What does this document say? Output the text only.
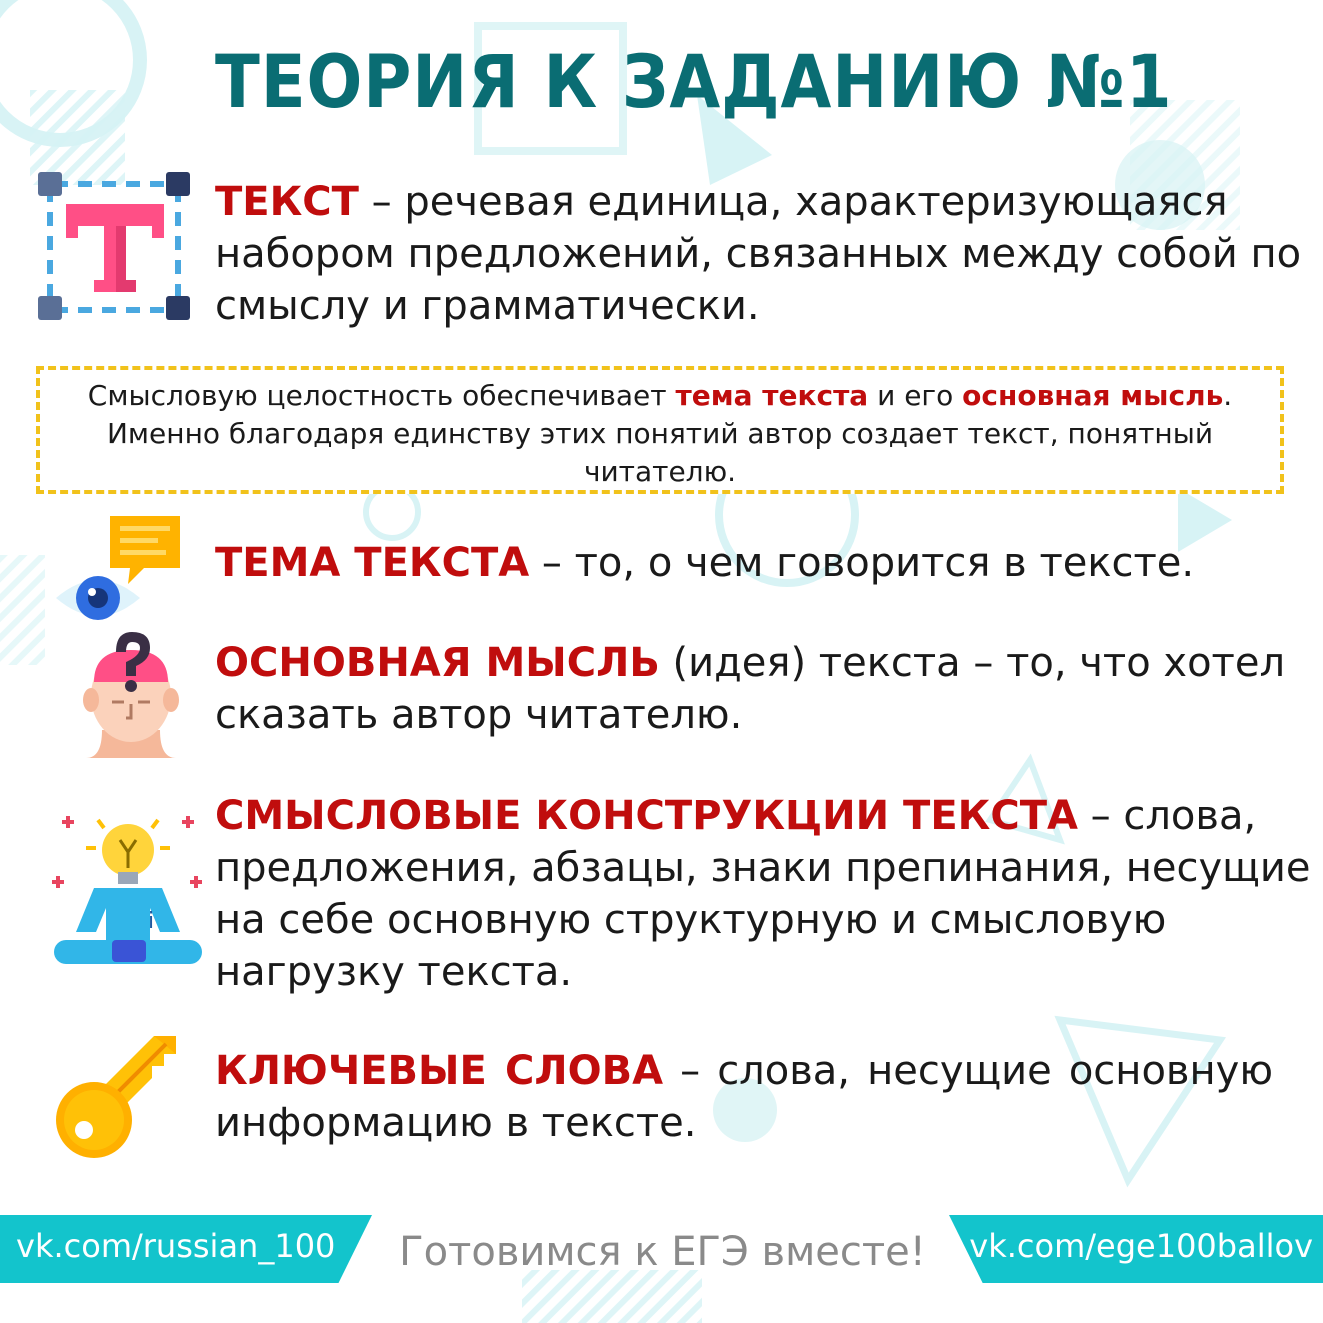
ТЕОРИЯ К ЗАДАНИЮ №1
ТЕКСТ – речевая единица, характеризующаяся набором предложений, связанных между собой по смыслу и грамматически.
Смысловую целостность обеспечивает тема текста и его основная мысль. Именно благодаря единству этих понятий автор создает текст, понятный читателю.
ТЕМА ТЕКСТА – то, о чем говорится в тексте.
ОСНОВНАЯ МЫСЛЬ (идея) текста – то, что хотел сказать автор читателю.
i
СМЫСЛОВЫЕ КОНСТРУКЦИИ ТЕКСТА – слова, предложения, абзацы, знаки препинания, несущие на себе основную структурную и смысловую нагрузку текста.
КЛЮЧЕВЫЕ СЛОВА – слова, несущие основную информацию в тексте.
vk.com/russian_100 Готовимся к ЕГЭ вместе! vk.com/ege100ballov
